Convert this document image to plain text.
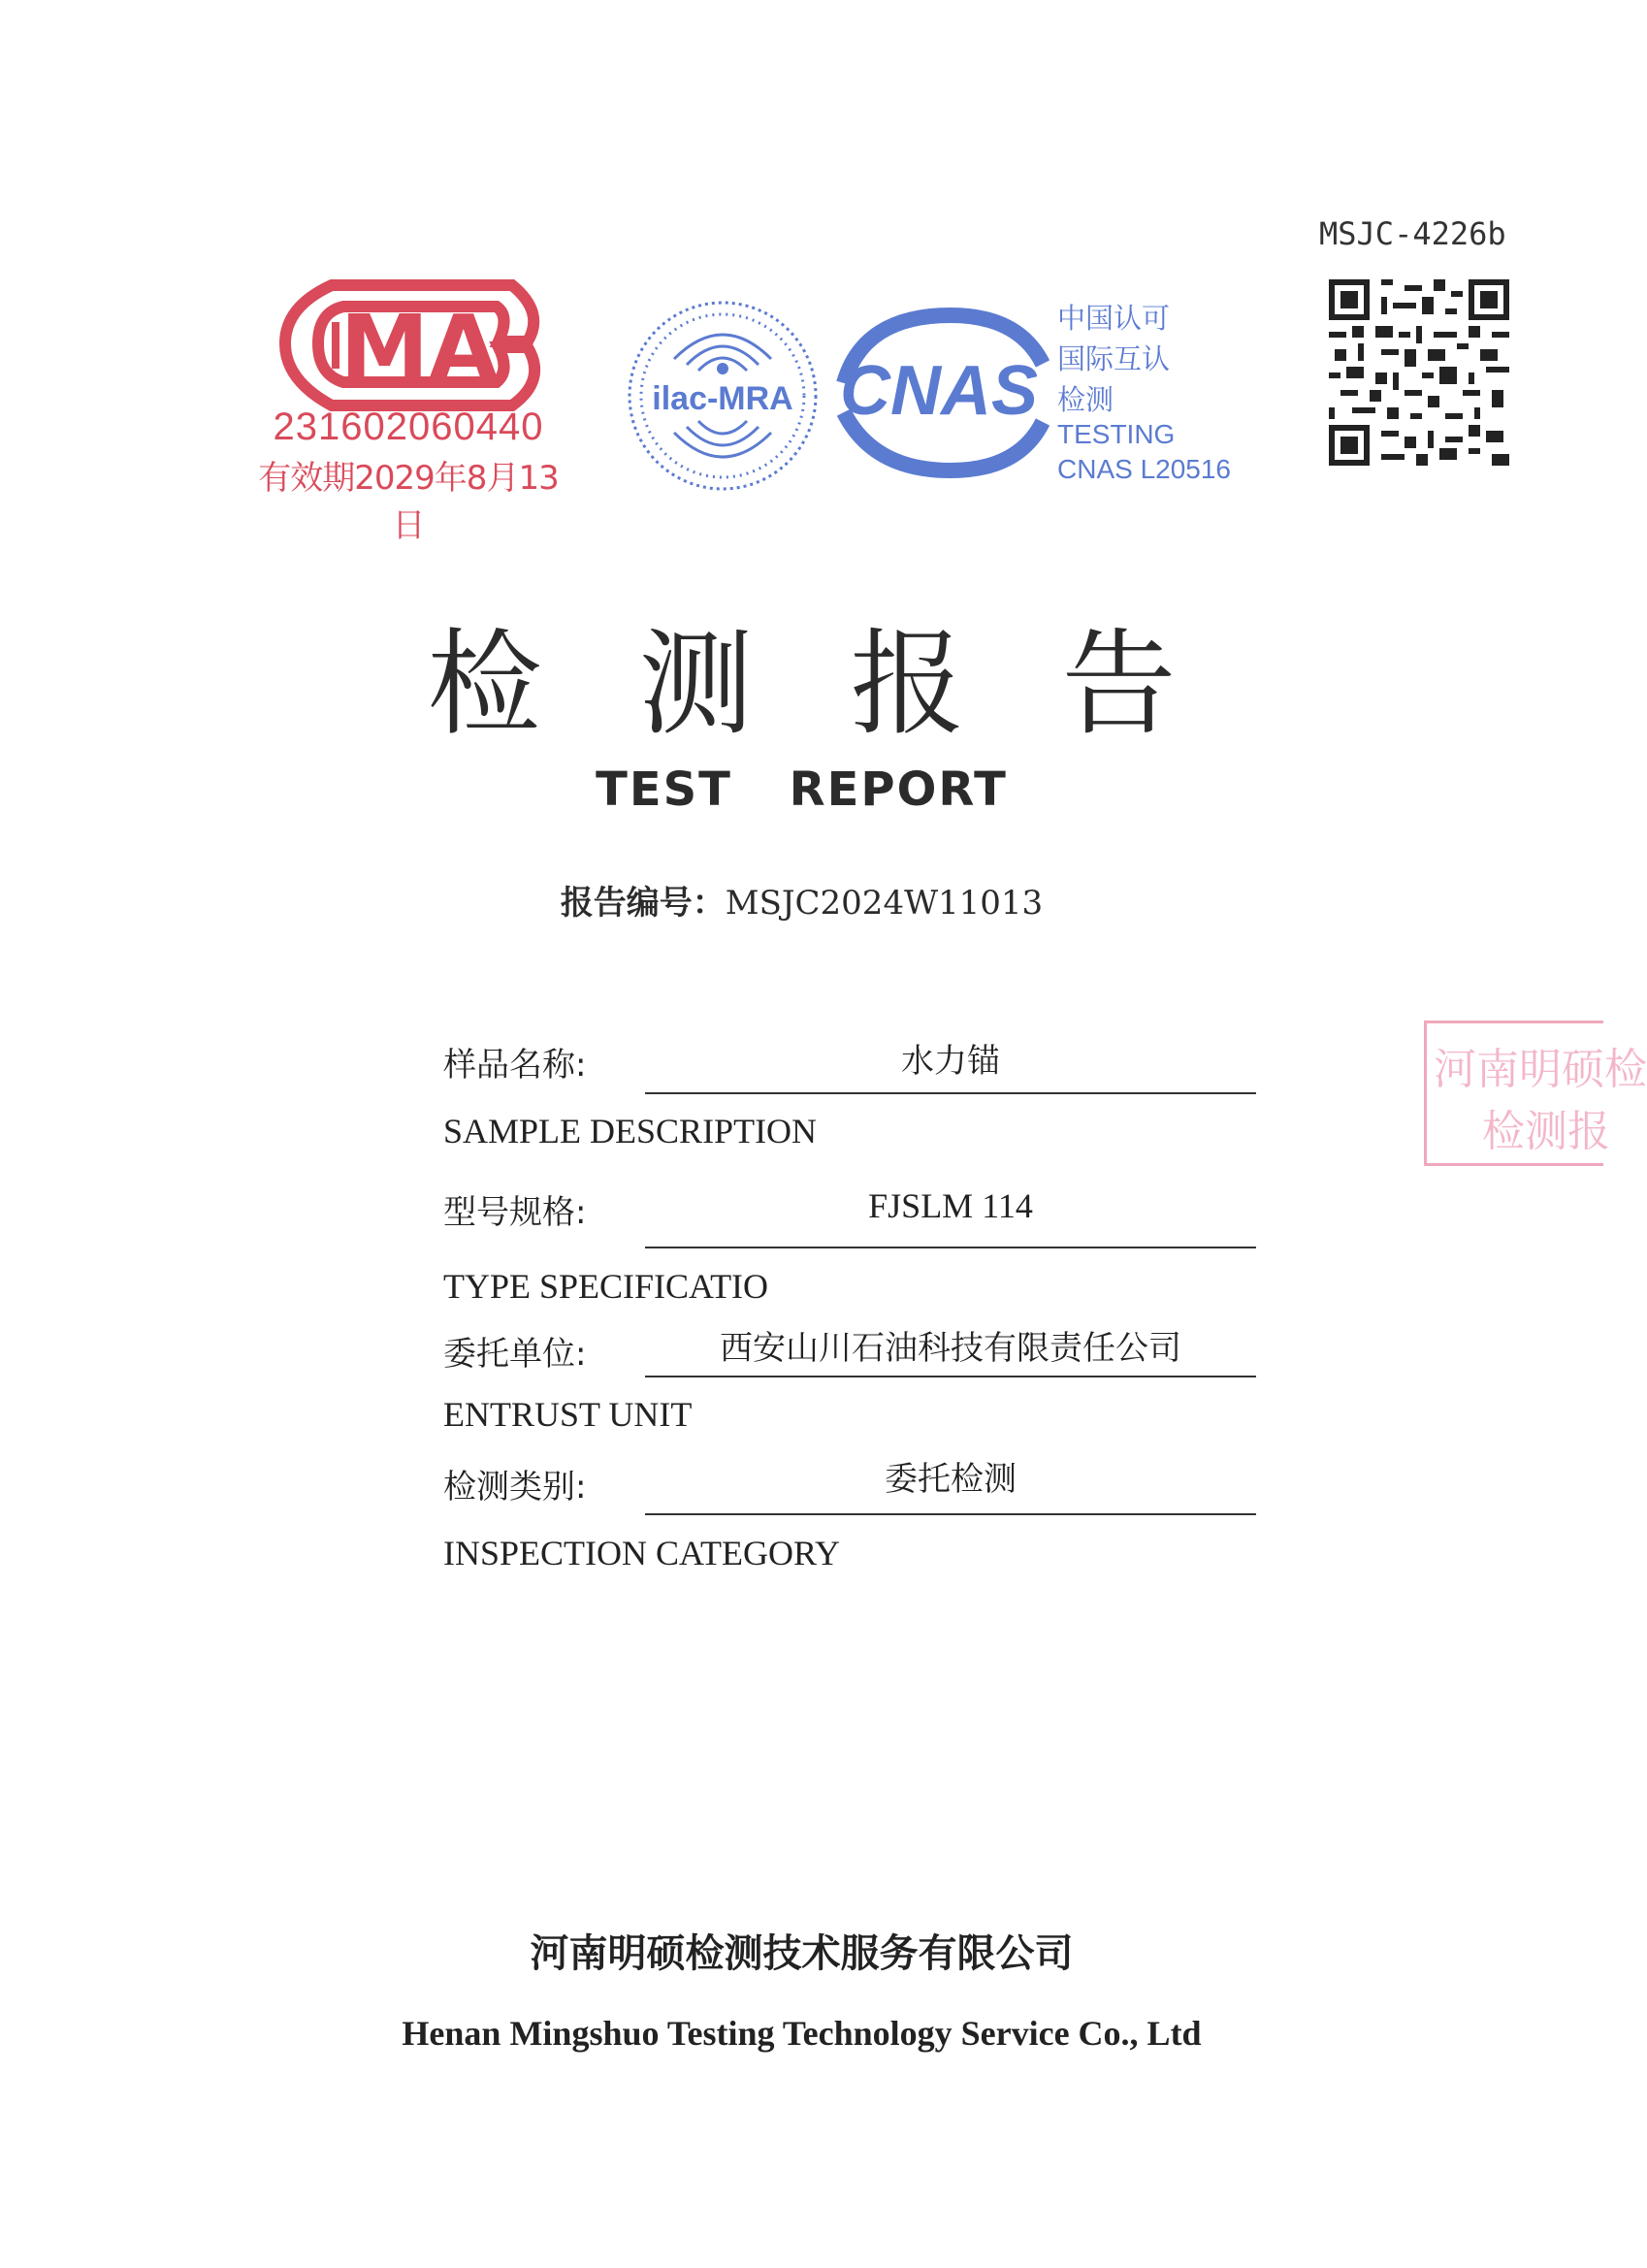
MSJC-4226b
MA
231602060440
有效期2029年8月13日
ilac-MRA CNAS
中国认可
国际互认
检测
TESTING
CNAS L20516
检测报告
TEST REPORT
报告编号：MSJC2024W11013
样品名称:	水力锚
SAMPLE DESCRIPTION
型号规格:	FJSLM 114
TYPE SPECIFICATIO
委托单位:	西安山川石油科技有限责任公司
ENTRUST UNIT
检测类别:	委托检测
INSPECTION CATEGORY
河南明硕检
检测报
河南明硕检测技术服务有限公司
Henan Mingshuo Testing Technology Service Co., Ltd
